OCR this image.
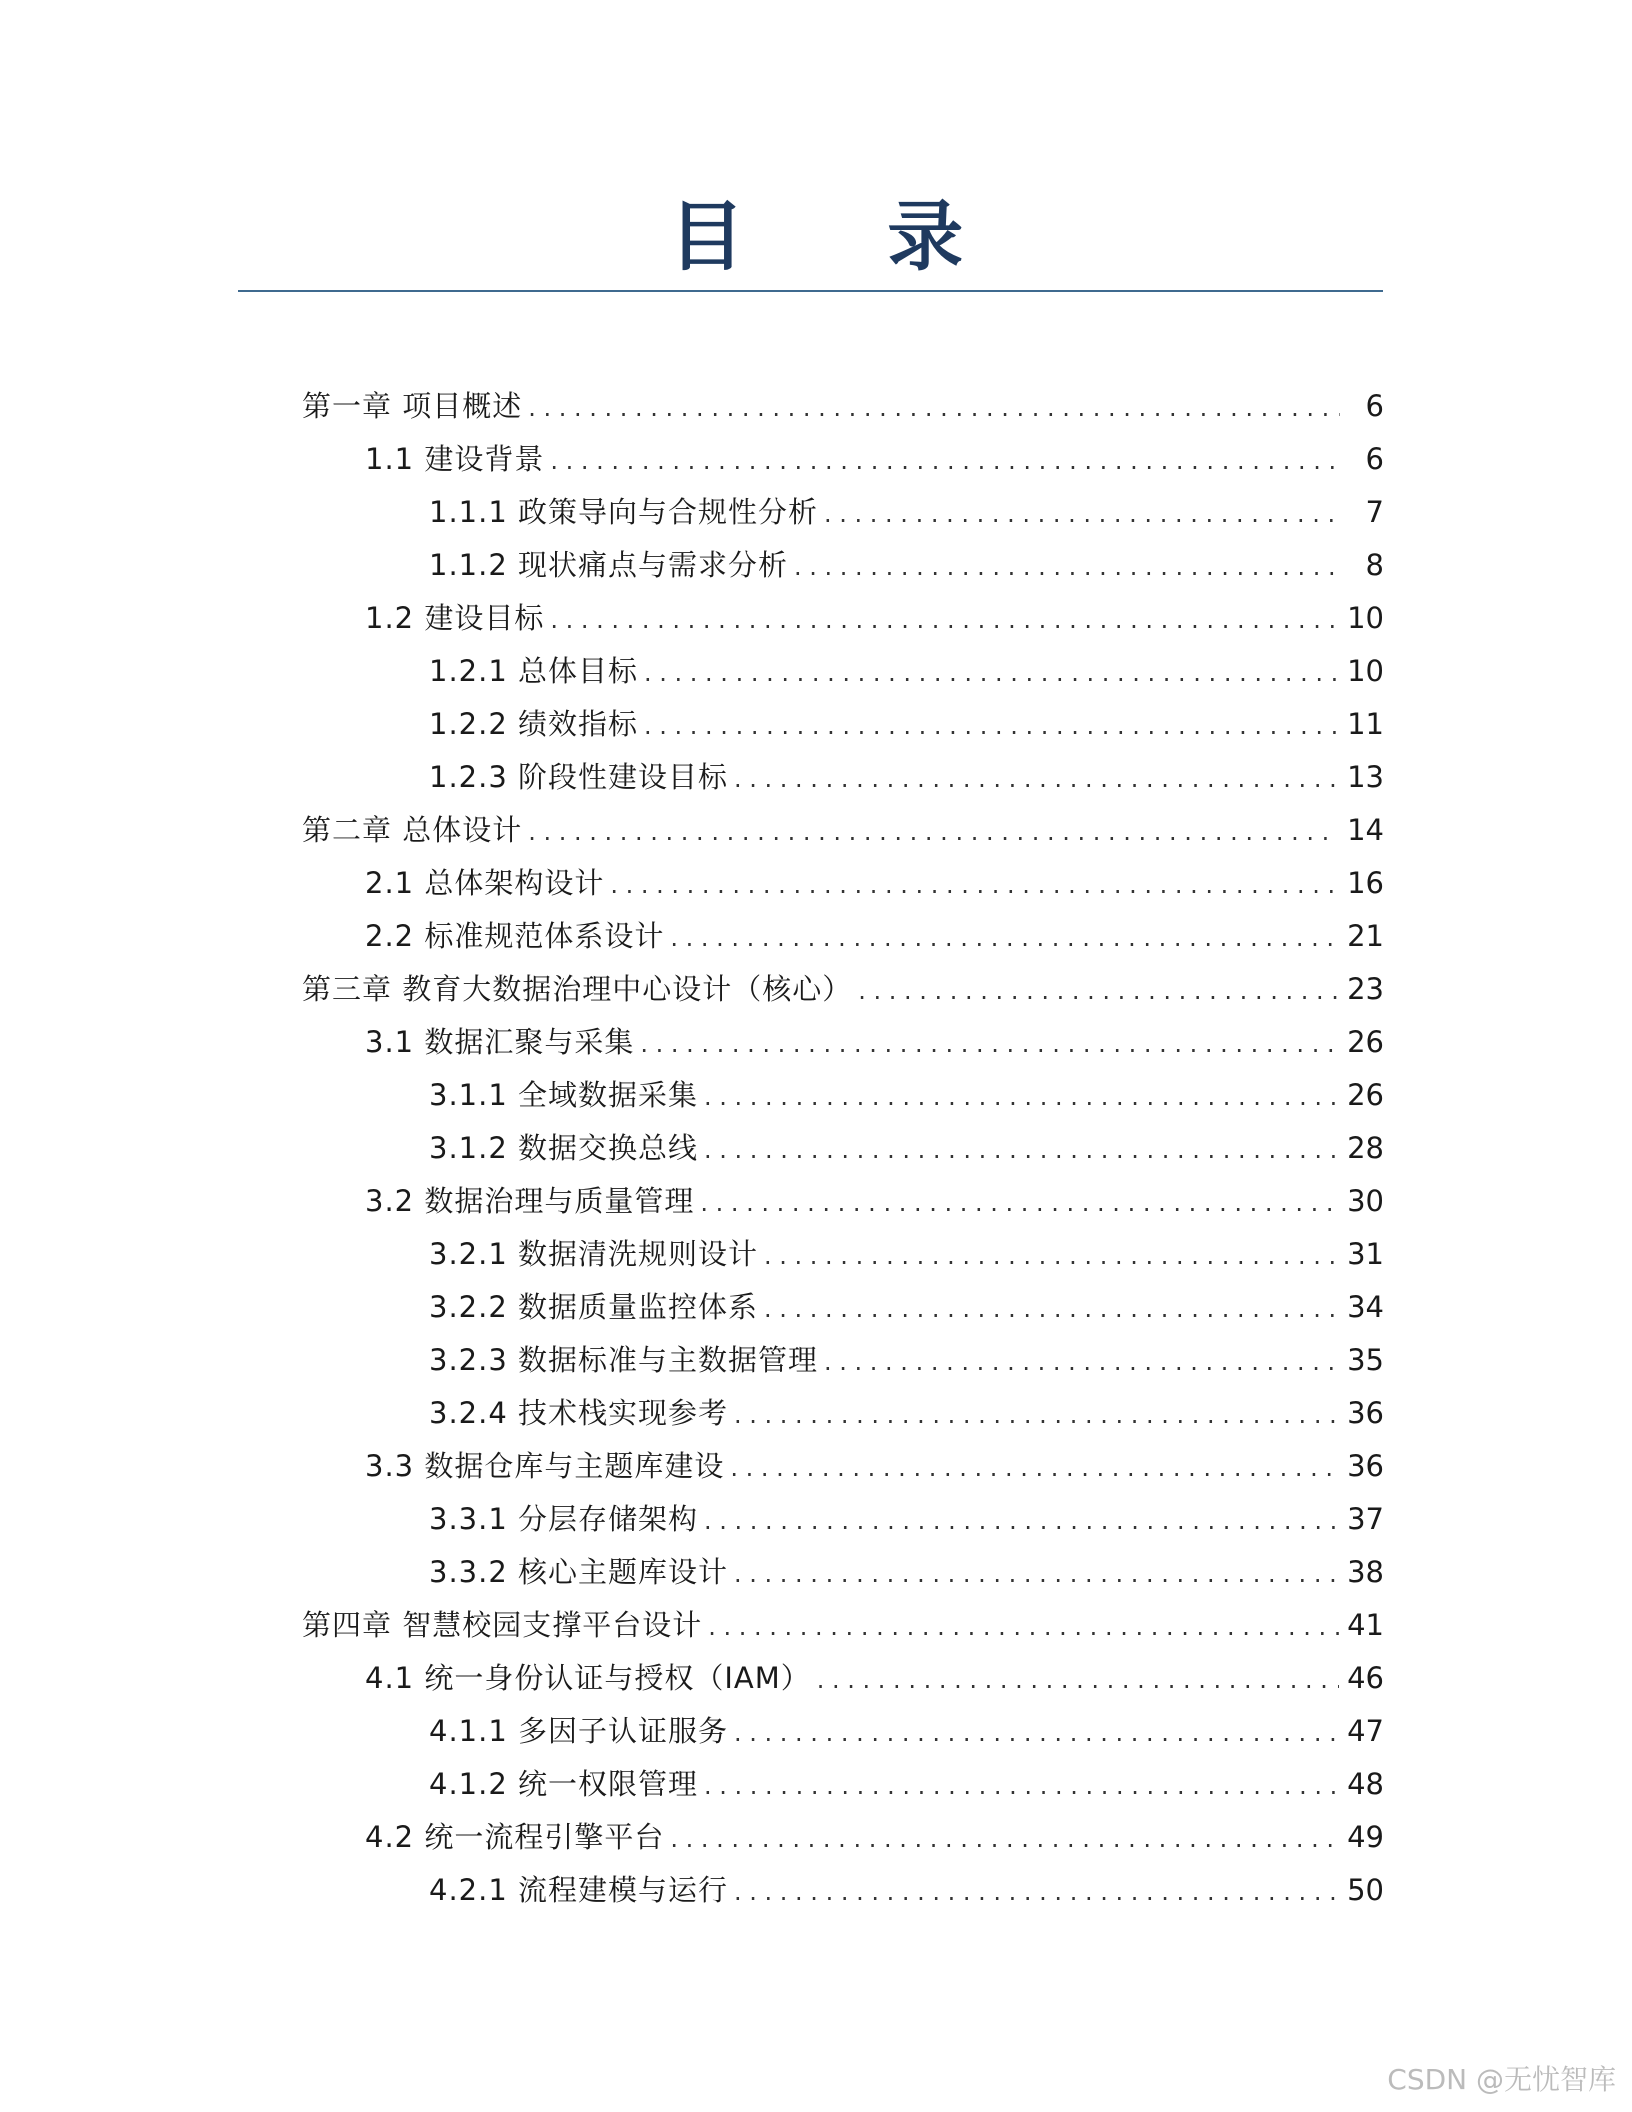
目 录
第一章 项目概述 . . .	6
1.1 建设背景 . . .	6
1.1.1 政策导向与合规性分析 . . .	7
1.1.2 现状痛点与需求分析 . . .	8
1.2 建设目标 . . .	10
1.2.1 总体目标 . . .	10
1.2.2 绩效指标 . . .	11
1.2.3 阶段性建设目标 . . .	13
第二章 总体设计 . . .	14
2.1 总体架构设计 . . .	16
2.2 标准规范体系设计 . . .	21
第三章 教育大数据治理中心设计（核心） . . .	23
3.1 数据汇聚与采集 . . .	26
3.1.1 全域数据采集 . . .	26
3.1.2 数据交换总线 . . .	28
3.2 数据治理与质量管理 . . .	30
3.2.1 数据清洗规则设计 . . .	31
3.2.2 数据质量监控体系 . . .	34
3.2.3 数据标准与主数据管理 . . .	35
3.2.4 技术栈实现参考 . . .	36
3.3 数据仓库与主题库建设 . . .	36
3.3.1 分层存储架构 . . .	37
3.3.2 核心主题库设计 . . .	38
第四章 智慧校园支撑平台设计 . . .	41
4.1 统一身份认证与授权（IAM） . . .	46
4.1.1 多因子认证服务 . . .	47
4.1.2 统一权限管理 . . .	48
4.2 统一流程引擎平台 . . .	49
4.2.1 流程建模与运行 . . .	50
CSDN @无忧智库
